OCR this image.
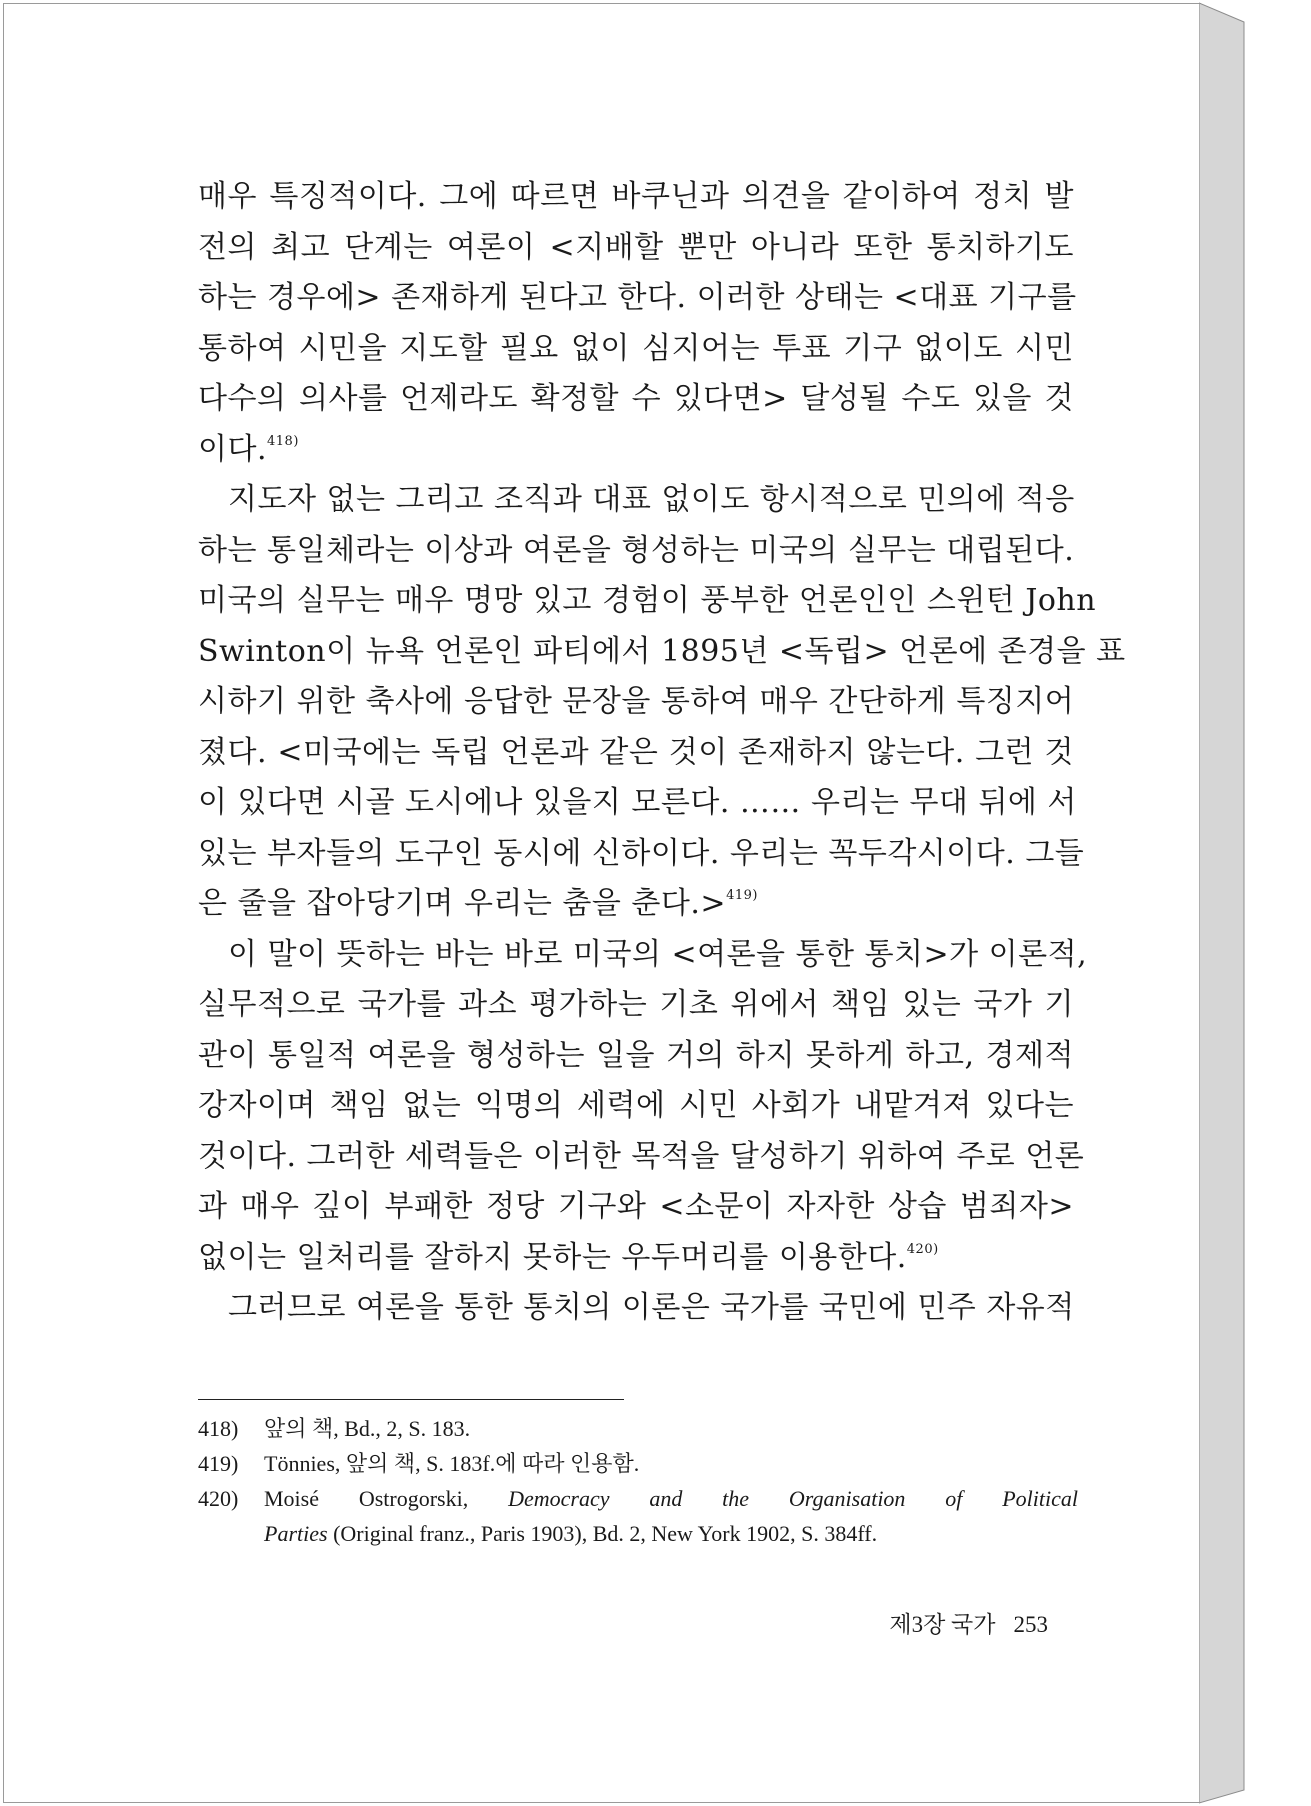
매우 특징적이다. 그에 따르면 바쿠닌과 의견을 같이하여 정치 발
전의 최고 단계는 여론이 <지배할 뿐만 아니라 또한 통치하기도
하는 경우에> 존재하게 된다고 한다. 이러한 상태는 <대표 기구를
통하여 시민을 지도할 필요 없이 심지어는 투표 기구 없이도 시민
다수의 의사를 언제라도 확정할 수 있다면> 달성될 수도 있을 것
이다.$^{418)}$
지도자 없는 그리고 조직과 대표 없이도 항시적으로 민의에 적응
하는 통일체라는 이상과 여론을 형성하는 미국의 실무는 대립된다.
미국의 실무는 매우 명망 있고 경험이 풍부한 언론인인 스윈턴 John
Swinton이 뉴욕 언론인 파티에서 1895년 <독립> 언론에 존경을 표
시하기 위한 축사에 응답한 문장을 통하여 매우 간단하게 특징지어
졌다. <미국에는 독립 언론과 같은 것이 존재하지 않는다. 그런 것
이 있다면 시골 도시에나 있을지 모른다. …… 우리는 무대 뒤에 서
있는 부자들의 도구인 동시에 신하이다. 우리는 꼭두각시이다. 그들
은 줄을 잡아당기며 우리는 춤을 춘다.>$^{419)}$
이 말이 뜻하는 바는 바로 미국의 <여론을 통한 통치>가 이론적,
실무적으로 국가를 과소 평가하는 기초 위에서 책임 있는 국가 기
관이 통일적 여론을 형성하는 일을 거의 하지 못하게 하고, 경제적
강자이며 책임 없는 익명의 세력에 시민 사회가 내맡겨져 있다는
것이다. 그러한 세력들은 이러한 목적을 달성하기 위하여 주로 언론
과 매우 깊이 부패한 정당 기구와 <소문이 자자한 상습 범죄자>
없이는 일처리를 잘하지 못하는 우두머리를 이용한다.$^{420)}$
그러므로 여론을 통한 통치의 이론은 국가를 국민에 민주 자유적
418) 앞의 책, Bd., 2, S. 183.
419) Tönnies, 앞의 책, S. 183f.에 따라 인용함.
420) Moisé Ostrogorski, Democracy and the Organisation of Political
Parties (Original franz., Paris 1903), Bd. 2, New York 1902, S. 384ff.
제3장 국가 253
